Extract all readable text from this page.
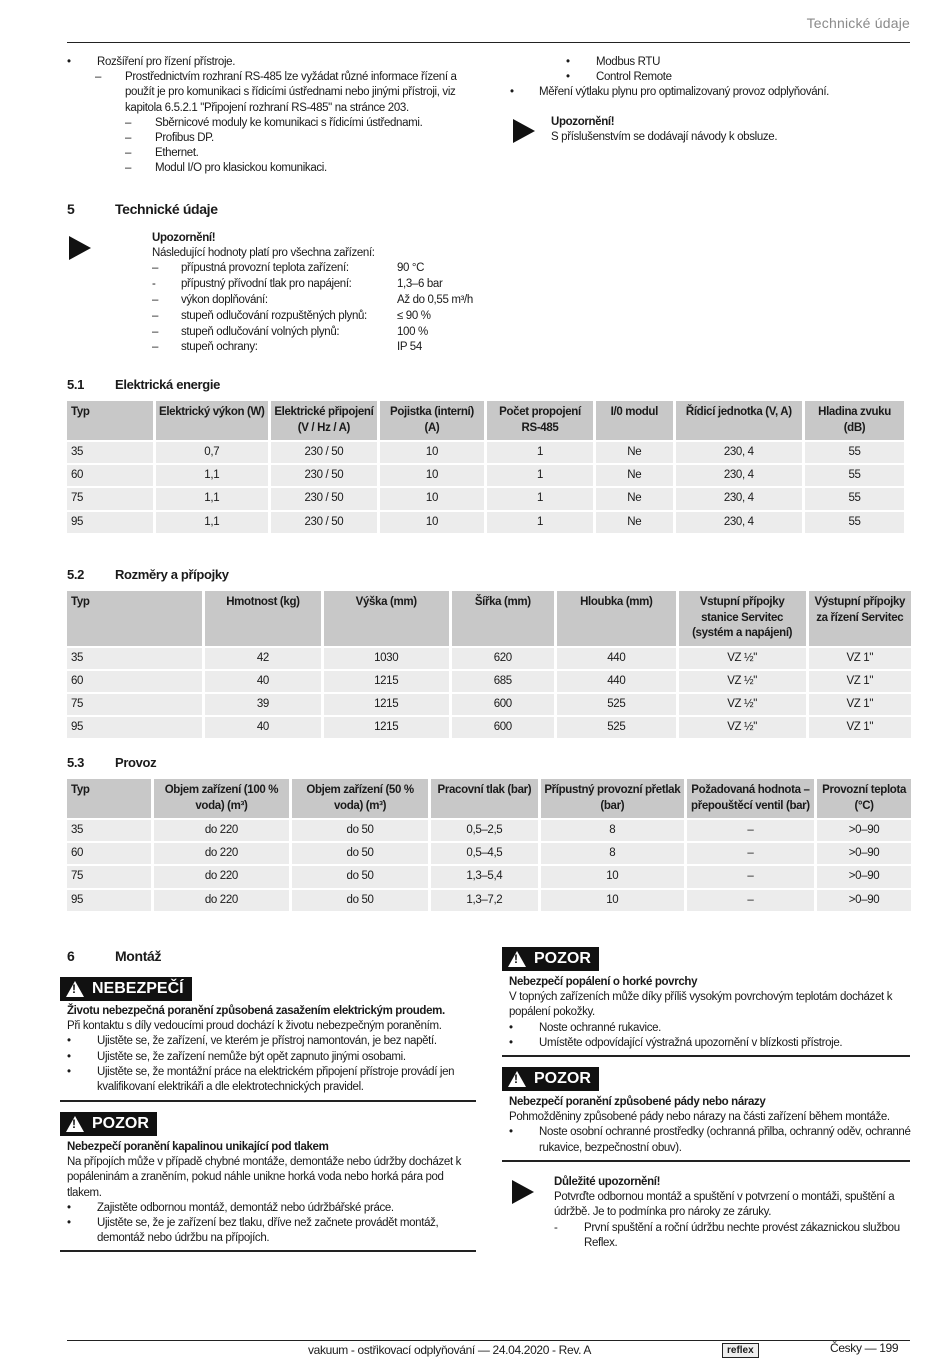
Technické údaje
• Rozšíření pro řízení přístroje.
– Prostřednictvím rozhraní RS-485 lze vyžádat různé informace řízení a použít je pro komunikaci s řídicími ústřednami nebo jinými přístroji, viz kapitola 6.5.2.1 "Připojení rozhraní RS-485" na stránce 203.
– Sběrnicové moduly ke komunikaci s řídicími ústřednami.
– Profibus DP.
– Ethernet.
– Modul I/O pro klasickou komunikaci.
• Modbus RTU
• Control Remote
• Měření výtlaku plynu pro optimalizovaný provoz odplyňování.
Upozornění!
S příslušenstvím se dodávají návody k obsluze.
5	Technické údaje
Upozornění!
Následující hodnoty platí pro všechna zařízení:
–	přípustná provozní teplota zařízení:	90 °C
-	přípustný přívodní tlak pro napájení:	1,3–6 bar
–	výkon doplňování:	Až do 0,55 m³/h
–	stupeň odlučování rozpuštěných plynů:	≤ 90 %
–	stupeň odlučování volných plynů:	100 %
–	stupeň ochrany:	IP 54
5.1 Elektrická energie
Typ	Elektrický výkon (W)	Elektrické připojení (V / Hz / A)	Pojistka (interní) (A)	Počet propojení RS-485	I/0 modul	Řídicí jednotka (V, A)	Hladina zvuku (dB)
35	0,7	230 / 50	10	1	Ne	230, 4	55
60	1,1	230 / 50	10	1	Ne	230, 4	55
75	1,1	230 / 50	10	1	Ne	230, 4	55
95	1,1	230 / 50	10	1	Ne	230, 4	55
5.2 Rozměry a přípojky
Typ	Hmotnost (kg)	Výška (mm)	Šířka (mm)	Hloubka (mm)	Vstupní přípojky stanice Servitec (systém a napájení)	Výstupní přípojky za řízení Servitec
35	42	1030	620	440	VZ ½"	VZ 1"
60	40	1215	685	440	VZ ½"	VZ 1"
75	39	1215	600	525	VZ ½"	VZ 1"
95	40	1215	600	525	VZ ½"	VZ 1"
5.3 Provoz
Typ	Objem zařízení (100 % voda) (m³)	Objem zařízení (50 % voda) (m³)	Pracovní tlak (bar)	Přípustný provozní přetlak (bar)	Požadovaná hodnota – přepouštěcí ventil (bar)	Provozní teplota (°C)
35	do 220	do 50	0,5–2,5	8	–	>0–90
60	do 220	do 50	0,5–4,5	8	–	>0–90
75	do 220	do 50	1,3–5,4	10	–	>0–90
95	do 220	do 50	1,3–7,2	10	–	>0–90
6	Montáž
!
NEBEZPEČÍ
Životu nebezpečná poranění způsobená zasažením elektrickým proudem.
Při kontaktu s díly vedoucími proud dochází k životu nebezpečným poraněním.
• Ujistěte se, že zařízení, ve kterém je přístroj namontován, je bez napětí.
• Ujistěte se, že zařízení nemůže být opět zapnuto jinými osobami.
• Ujistěte se, že montážní práce na elektrickém připojení přístroje provádí jen kvalifikovaní elektrikáři a dle elektrotechnických pravidel.
!
POZOR
Nebezpečí poranění kapalinou unikající pod tlakem
Na přípojích může v případě chybné montáže, demontáže nebo údržby docházet k popáleninám a zraněním, pokud náhle unikne horká voda nebo horká pára pod tlakem.
• Zajistěte odbornou montáž, demontáž nebo údržbářské práce.
• Ujistěte se, že je zařízení bez tlaku, dříve než začnete provádět montáž, demontáž nebo údržbu na přípojích.
!
POZOR
Nebezpečí popálení o horké povrchy
V topných zařízeních může díky příliš vysokým povrchovým teplotám docházet k popálení pokožky.
• Noste ochranné rukavice.
• Umístěte odpovídající výstražná upozornění v blízkosti přístroje.
!
POZOR
Nebezpečí poranění způsobené pády nebo nárazy
Pohmožděniny způsobené pády nebo nárazy na části zařízení během montáže.
• Noste osobní ochranné prostředky (ochranná přilba, ochranný oděv, ochranné rukavice, bezpečnostní obuv).
Důležité upozornění!
Potvrďte odbornou montáž a spuštění v potvrzení o montáži, spuštění a údržbě. Je to podmínka pro nároky ze záruky.
- První spuštění a roční údržbu nechte provést zákaznickou službou Reflex.
vakuum - ostřikovací odplyňování — 24.04.2020 - Rev. A	reflex	Česky — 199
